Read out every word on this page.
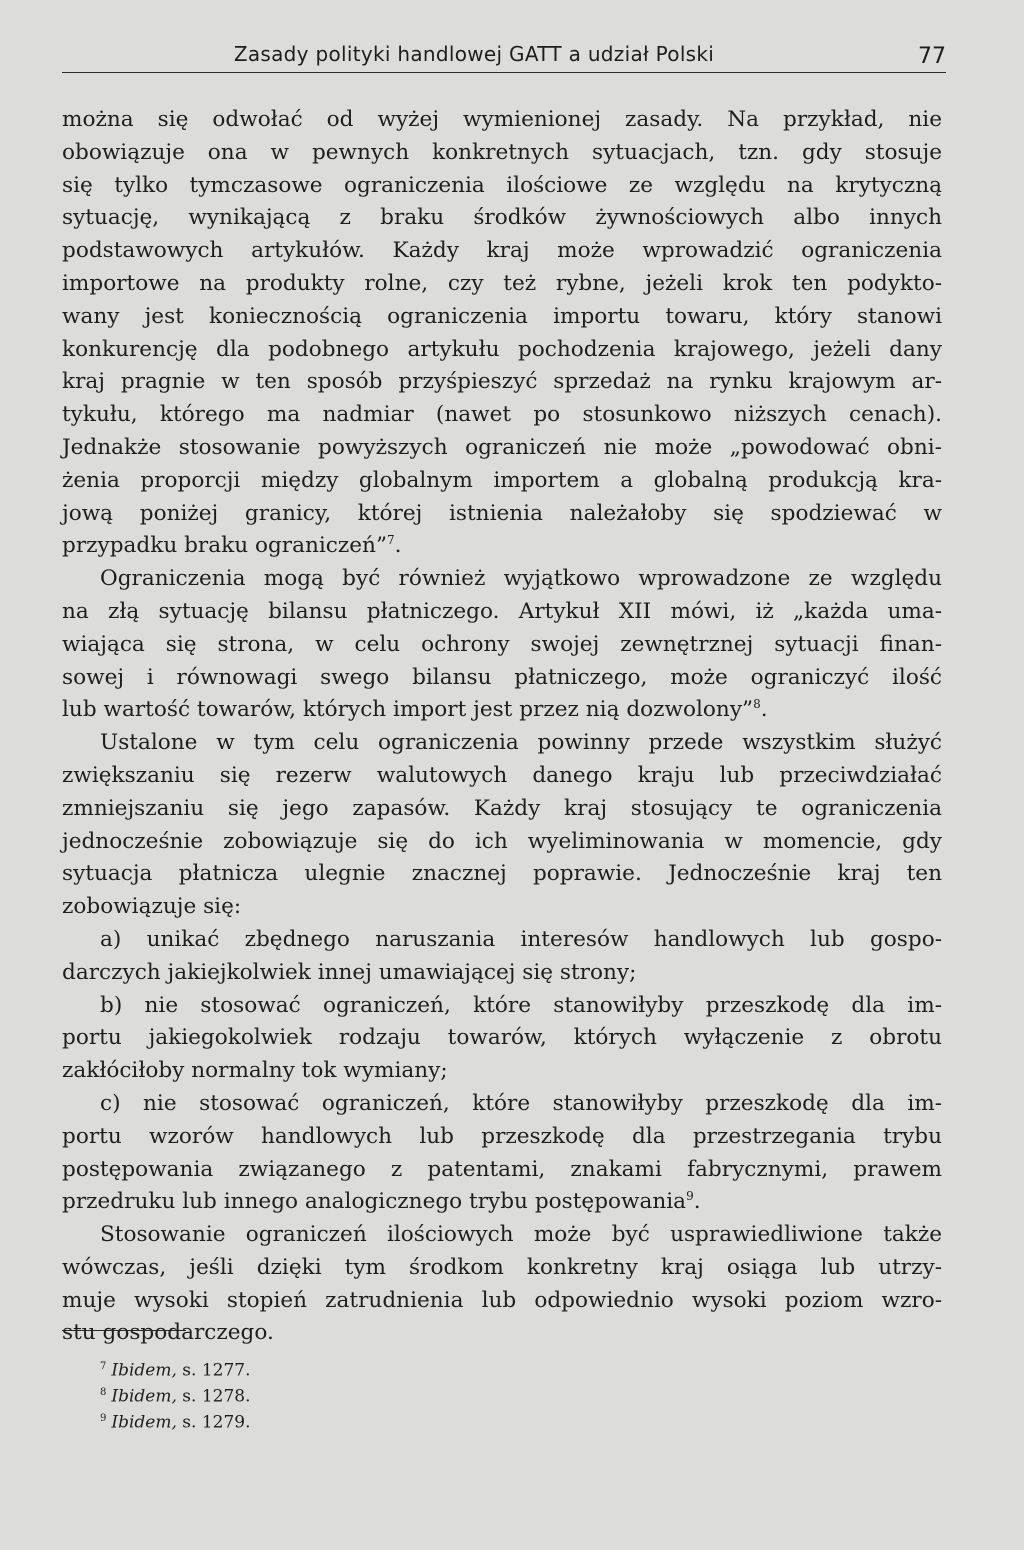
Zasady polityki handlowej GATT a udział Polski	77
można się odwołać od wyżej wymienionej zasady. Na przykład, nie
obowiązuje ona w pewnych konkretnych sytuacjach, tzn. gdy stosuje
się tylko tymczasowe ograniczenia ilościowe ze względu na krytyczną
sytuację, wynikającą z braku środków żywnościowych albo innych
podstawowych artykułów. Każdy kraj może wprowadzić ograniczenia
importowe na produkty rolne, czy też rybne, jeżeli krok ten podykto-
wany jest koniecznością ograniczenia importu towaru, który stanowi
konkurencję dla podobnego artykułu pochodzenia krajowego, jeżeli dany
kraj pragnie w ten sposób przyśpieszyć sprzedaż na rynku krajowym ar-
tykułu, którego ma nadmiar (nawet po stosunkowo niższych cenach).
Jednakże stosowanie powyższych ograniczeń nie może „powodować obni-
żenia proporcji między globalnym importem a globalną produkcją kra-
jową poniżej granicy, której istnienia należałoby się spodziewać w
przypadku braku ograniczeń”$^7$.
Ograniczenia mogą być również wyjątkowo wprowadzone ze względu
na złą sytuację bilansu płatniczego. Artykuł XII mówi, iż „każda uma-
wiająca się strona, w celu ochrony swojej zewnętrznej sytuacji finan-
sowej i równowagi swego bilansu płatniczego, może ograniczyć ilość
lub wartość towarów, których import jest przez nią dozwolony”$^8$.
Ustalone w tym celu ograniczenia powinny przede wszystkim służyć
zwiększaniu się rezerw walutowych danego kraju lub przeciwdziałać
zmniejszaniu się jego zapasów. Każdy kraj stosujący te ograniczenia
jednocześnie zobowiązuje się do ich wyeliminowania w momencie, gdy
sytuacja płatnicza ulegnie znacznej poprawie. Jednocześnie kraj ten
zobowiązuje się:
a) unikać zbędnego naruszania interesów handlowych lub gospo-
darczych jakiejkolwiek innej umawiającej się strony;
b) nie stosować ograniczeń, które stanowiłyby przeszkodę dla im-
portu jakiegokolwiek rodzaju towarów, których wyłączenie z obrotu
zakłóciłoby normalny tok wymiany;
c) nie stosować ograniczeń, które stanowiłyby przeszkodę dla im-
portu wzorów handlowych lub przeszkodę dla przestrzegania trybu
postępowania związanego z patentami, znakami fabrycznymi, prawem
przedruku lub innego analogicznego trybu postępowania$^9$.
Stosowanie ograniczeń ilościowych może być usprawiedliwione także
wówczas, jeśli dzięki tym środkom konkretny kraj osiąga lub utrzy-
muje wysoki stopień zatrudnienia lub odpowiednio wysoki poziom wzro-
stu gospodarczego.
$^7$ Ibidem, s. 1277.
$^8$ Ibidem, s. 1278.
$^9$ Ibidem, s. 1279.
